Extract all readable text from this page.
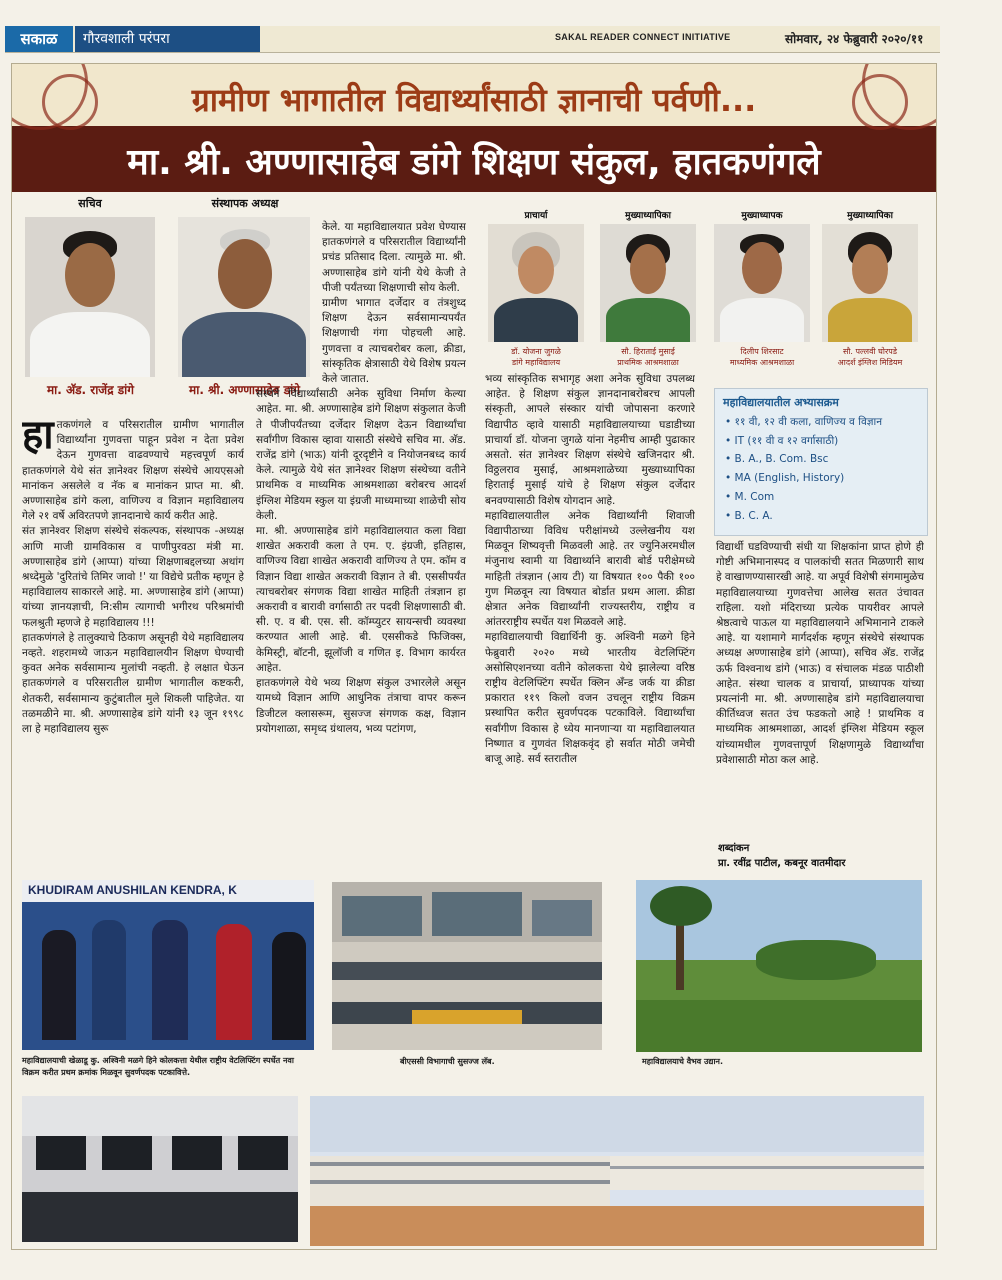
सकाळ	गौरवशाली परंपरा	SAKAL READER CONNECT INITIATIVE	सोमवार, २४ फेब्रुवारी २०२०/११
ग्रामीण भागातील विद्यार्थ्यांसाठी ज्ञानाची पर्वणी...
मा. श्री. अण्णासाहेब डांगे शिक्षण संकुल, हातकणंगले
सचिव
मा. अ‍ॅड. राजेंद्र डांगे
संस्थापक अध्यक्ष
मा. श्री. अण्णासाहेब डांगे
प्राचार्या
डॉ. योजना जुगळे
डांगे महाविद्यालय
मुख्याध्यापिका
सौ. हिराताई मुसाई
प्राथमिक आश्रमशाळा
मुख्याध्यापक
दिलीप शिरसाट
माध्यमिक आश्रमशाळा
मुख्याध्यापिका
सौ. पल्लवी घोरपडे
आदर्श इंग्लिश मिडियम

हातकणंगले व परिसरातील ग्रामीण भागातील विद्यार्थ्यांना गुणवत्ता पाहून प्रवेश न देता प्रवेश देऊन गुणवत्ता वाढवण्याचे महत्त्वपूर्ण कार्य हातकणंगले येथे संत ज्ञानेश्वर शिक्षण संस्थेचे आयएसओ मानांकन असलेले व नॅक ब मानांकन प्राप्त मा. श्री. अण्णासाहेब डांगे कला, वाणिज्य व विज्ञान महाविद्यालय गेले २१ वर्षे अविरतपणे ज्ञानदानाचे कार्य करीत आहे.

संत ज्ञानेश्वर शिक्षण संस्थेचे संकल्पक, संस्थापक -अध्यक्ष आणि माजी ग्रामविकास व पाणीपुरवठा मंत्री मा. अण्णासाहेब डांगे (आप्पा) यांच्या शिक्षणाबद्दलच्या अथांग श्रध्देमुळे 'दुरितांचे तिमिर जावो !' या विद्येचे प्रतीक म्हणून हे महाविद्यालय साकारले आहे. मा. अण्णासाहेब डांगे (आप्पा) यांच्या ज्ञानयज्ञाची, नि:सीम त्यागाची भगीरथ परिश्रमांची फलश्रुती म्हणजे हे महाविद्यालय !!!

हातकणंगले हे तालुक्याचे ठिकाण असूनही येथे महाविद्यालय नव्हते. शहरामध्ये जाऊन महाविद्यालयीन शिक्षण घेण्याची कुवत अनेक सर्वसामान्य मुलांची नव्हती. हे लक्षात घेऊन हातकणंगले व परिसरातील ग्रामीण भागातील कष्टकरी, शेतकरी, सर्वसामान्य कुटुंबातील मुले शिकली पाहिजेत. या तळमळीने मा. श्री. अण्णासाहेब डांगे यांनी १३ जून १९९८ ला हे महाविद्यालय सुरू

केले. या महाविद्यालयात प्रवेश घेण्यास हातकणंगले व परिसरातील विद्यार्थ्यांनी प्रचंड प्रतिसाद दिला. त्यामुळे मा. श्री. अण्णासाहेब डांगे यांनी येथे केजी ते पीजी पर्यंतच्या शिक्षणाची सोय केली.

ग्रामीण भागात दर्जेदार व तंत्रशुध्द शिक्षण देऊन सर्वसामान्यपर्यंत शिक्षणाची गंगा पोहचली आहे. गुणवत्ता व त्याचबरोबर कला, क्रीडा, सांस्कृतिक क्षेत्रासाठी येथे विशेष प्रयत्न केले जातात.

संस्थेने विद्यार्थ्यांसाठी अनेक सुविधा निर्माण केल्या आहेत. मा. श्री. अण्णासाहेब डांगे शिक्षण संकुलात केजी ते पीजीपर्यंतच्या दर्जेदार शिक्षण देऊन विद्यार्थ्यांचा सर्वांगीण विकास व्हावा यासाठी संस्थेचे सचिव मा. अ‍ॅड. राजेंद्र डांगे (भाऊ) यांनी दूरदृष्टीने व नियोजनबध्द कार्य केले. त्यामुळे येथे संत ज्ञानेश्वर शिक्षण संस्थेच्या वतीने प्राथमिक व माध्यमिक आश्रमशाळा बरोबरच आदर्श इंग्लिश मेडियम स्कुल या इंग्रजी माध्यमाच्या शाळेची सोय केली.

मा. श्री. अण्णासाहेब डांगे महाविद्यालयात कला विद्या शाखेत अकरावी कला ते एम. ए. इंग्रजी, इतिहास, वाणिज्य विद्या शाखेत अकरावी वाणिज्य ते एम. कॉम व विज्ञान विद्या शाखेत अकरावी विज्ञान ते बी. एससीपर्यंत त्याचबरोबर संगणक विद्या शाखेत माहिती तंत्रज्ञान हा अकरावी व बारावी वर्गासाठी तर पदवी शिक्षणासाठी बी. सी. ए. व बी. एस. सी. कॉम्प्युटर सायन्सची व्यवस्था करण्यात आली आहे. बी. एससीकडे फिजिक्स, केमिस्ट्री, बॉटनी, झूलॉजी व गणित इ. विभाग कार्यरत आहेत.

हातकणंगले येथे भव्य शिक्षण संकुल उभारलेले असून यामध्ये विज्ञान आणि आधुनिक तंत्राचा वापर करून डिजीटल क्लासरूम, सुसज्ज संगणक कक्ष, विज्ञान प्रयोगशाळा, समृध्द ग्रंथालय, भव्य पटांगण,

भव्य सांस्कृतिक सभागृह अशा अनेक सुविधा उपलब्ध आहेत. हे शिक्षण संकुल ज्ञानदानाबरोबरच आपली संस्कृती, आपले संस्कार यांची जोपासना करणारे विद्यापीठ व्हावे यासाठी महाविद्यालयाच्या घडाडीच्या प्राचार्या डॉ. योजना जुगळे यांना नेहमीच आम्ही पुढाकार असतो. संत ज्ञानेश्वर शिक्षण संस्थेचे खजिनदार श्री. विठ्ठलराव मुसाई, आश्रमशाळेच्या मुख्याध्यापिका हिराताई मुसाई यांचे हे शिक्षण संकुल दर्जेदार बनवण्यासाठी विशेष योगदान आहे.

महाविद्यालयातील अनेक विद्यार्थ्यांनी शिवाजी विद्यापीठाच्या विविध परीक्षांमध्ये उल्लेखनीय यश मिळवून शिष्यवृत्ती मिळवली आहे. तर ज्युनिअरमधील मंजुनाथ स्वामी या विद्यार्थ्याने बारावी बोर्ड परीक्षेमध्ये माहिती तंत्रज्ञान (आय टी) या विषयात १०० पैकी १०० गुण मिळवून त्या विषयात बोर्डात प्रथम आला. क्रीडा क्षेत्रात अनेक विद्यार्थ्यांनी राज्यस्तरीय, राष्ट्रीय व आंतरराष्ट्रीय स्पर्धेत यश मिळवले आहे.

महाविद्यालयाची विद्यार्थिनी कु. अश्विनी मळगे हिने फेब्रुवारी २०२० मध्ये भारतीय वेटलिफ्टिंग असोसिएशनच्या वतीने कोलकत्ता येथे झालेल्या वरिष्ठ राष्ट्रीय वेटलिफ्टिंग स्पर्धेत क्लिन अँन्ड जर्क या क्रीडा प्रकारात ११९ किलो वजन उचलून राष्ट्रीय विक्रम प्रस्थापित करीत सुवर्णपदक पटकाविले. विद्यार्थ्यांचा सर्वांगीण विकास हे ध्येय मानणाऱ्या या महाविद्यालयात निष्णात व गुणवंत शिक्षकवृंद हो सर्वात मोठी जमेची बाजू आहे. सर्व स्तरातील

महाविद्यालयातील अभ्यासक्रम
• ११ वी, १२ वी कला, वाणिज्य व विज्ञान
• IT (११ वी व १२ वर्गासाठी)
• B. A., B. Com. Bsc
• MA (English, History)
• M. Com
• B. C. A.

विद्यार्थी घडविण्याची संधी या शिक्षकांना प्राप्त होणे ही गोष्टी अभिमानास्पद व पालकांची सतत मिळणारी साथ हे वाखाणण्यासारखी आहे. या अपूर्व विशेषी संगमामुळेच महाविद्यालयाच्या गुणवत्तेचा आलेख सतत उंचावत राहिला. यशो मंदिराच्या प्रत्येक पायरीवर आपले श्रेष्ठत्वाचे पाऊल या महाविद्यालयाने अभिमानाने टाकले आहे. या यशामागे मार्गदर्शक म्हणून संस्थेचे संस्थापक अध्यक्ष अण्णासाहेब डांगे (आप्पा), सचिव अ‍ॅड. राजेंद्र ऊर्फ विश्वनाथ डांगे (भाऊ) व संचालक मंडळ पाठीशी आहेत. संस्था चालक व प्राचार्या, प्राध्यापक यांच्या प्रयत्नांनी मा. श्री. अण्णासाहेब डांगे महाविद्यालयाचा कीर्तिध्वज सतत उंच फडकतो आहे ! प्राथमिक व माध्यमिक आश्रमशाळा, आदर्श इंग्लिश मेडियम स्कूल यांच्यामधील गुणवत्तापूर्ण शिक्षणामुळे विद्यार्थ्यांचा प्रवेशासाठी मोठा कल आहे.

शब्दांकन
प्रा. रवींद्र पाटील, कबनूर वातमीदार
KHUDIRAM ANUSHILAN KENDRA, K
महाविद्यालयाची खेळाडू कु. अश्विनी मळगे हिने कोलकत्ता येथील राष्ट्रीय वेटलिफ्टिंग स्पर्धेत नवा विक्रम करीत प्रथम क्रमांक मिळवून सुवर्णपदक पटकावित्ते.
बीएससी विभागाची सुसज्ज लॅब.	महाविद्यालयाचे वैभव उद्यान.
